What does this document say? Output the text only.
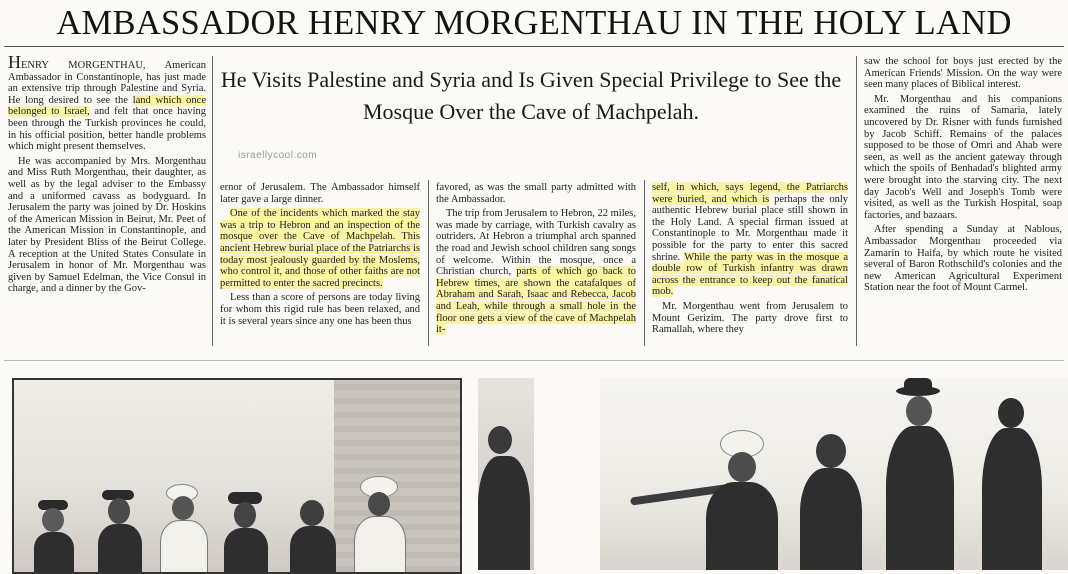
AMBASSADOR HENRY MORGENTHAU IN THE HOLY LAND

HENRY MORGENTHAU, American Ambassador in Constantinople, has just made an extensive trip through Palestine and Syria. He long desired to see the land which once belonged to Israel, and felt that once having been through the Turkish provinces he could, in his official position, better handle problems which might present themselves.

He was accompanied by Mrs. Morgenthau and Miss Ruth Morgenthau, their daughter, as well as by the legal adviser to the Embassy and a uniformed cavass as bodyguard. In Jerusalem the party was joined by Dr. Hoskins of the American Mission in Beirut, Mr. Peet of the American Mission in Constantinople, and later by President Bliss of the Beirut College. A reception at the United States Consulate in Jerusalem in honor of Mr. Morgenthau was given by Samuel Edelman, the Vice Consul in charge, and a dinner by the Gov-

He Visits Palestine and Syria and Is Given Special Privilege to See the Mosque Over the Cave of Machpelah.
israellycool.com

ernor of Jerusalem. The Ambassador himself later gave a large dinner.

One of the incidents which marked the stay was a trip to Hebron and an inspection of the mosque over the Cave of Machpelah. This ancient Hebrew burial place of the Patriarchs is today most jealously guarded by the Moslems, who control it, and those of other faiths are not permitted to enter the sacred precincts.

Less than a score of persons are today living for whom this rigid rule has been relaxed, and it is several years since any one has been thus

favored, as was the small party admitted with the Ambassador.

The trip from Jerusalem to Hebron, 22 miles, was made by carriage, with Turkish cavalry as outriders. At Hebron a triumphal arch spanned the road and Jewish school children sang songs of welcome. Within the mosque, once a Christian church, parts of which go back to Hebrew times, are shown the catafalques of Abraham and Sarah, Isaac and Rebecca, Jacob and Leah, while through a small hole in the floor one gets a view of the cave of Machpelah it-

self, in which, says legend, the Patriarchs were buried, and which is perhaps the only authentic Hebrew burial place still shown in the Holy Land. A special firman issued at Constantinople to Mr. Morgenthau made it possible for the party to enter this sacred shrine. While the party was in the mosque a double row of Turkish infantry was drawn across the entrance to keep out the fanatical mob.

Mr. Morgenthau went from Jerusalem to Mount Gerizim. The party drove first to Ramallah, where they

saw the school for boys just erected by the American Friends' Mission. On the way were seen many places of Biblical interest.

Mr. Morgenthau and his companions examined the ruins of Samaria, lately uncovered by Dr. Risner with funds furnished by Jacob Schiff. Remains of the palaces supposed to be those of Omri and Ahab were seen, as well as the ancient gateway through which the spoils of Benhadad's blighted army were brought into the starving city. The next day Jacob's Well and Joseph's Tomb were visited, as well as the Turkish Hospital, soap factories, and bazaars.

After spending a Sunday at Nablous, Ambassador Morgenthau proceeded via Zamarin to Haifa, by which route he visited several of Baron Rothschild's colonies and the new American Agricultural Experiment Station near the foot of Mount Carmel.
